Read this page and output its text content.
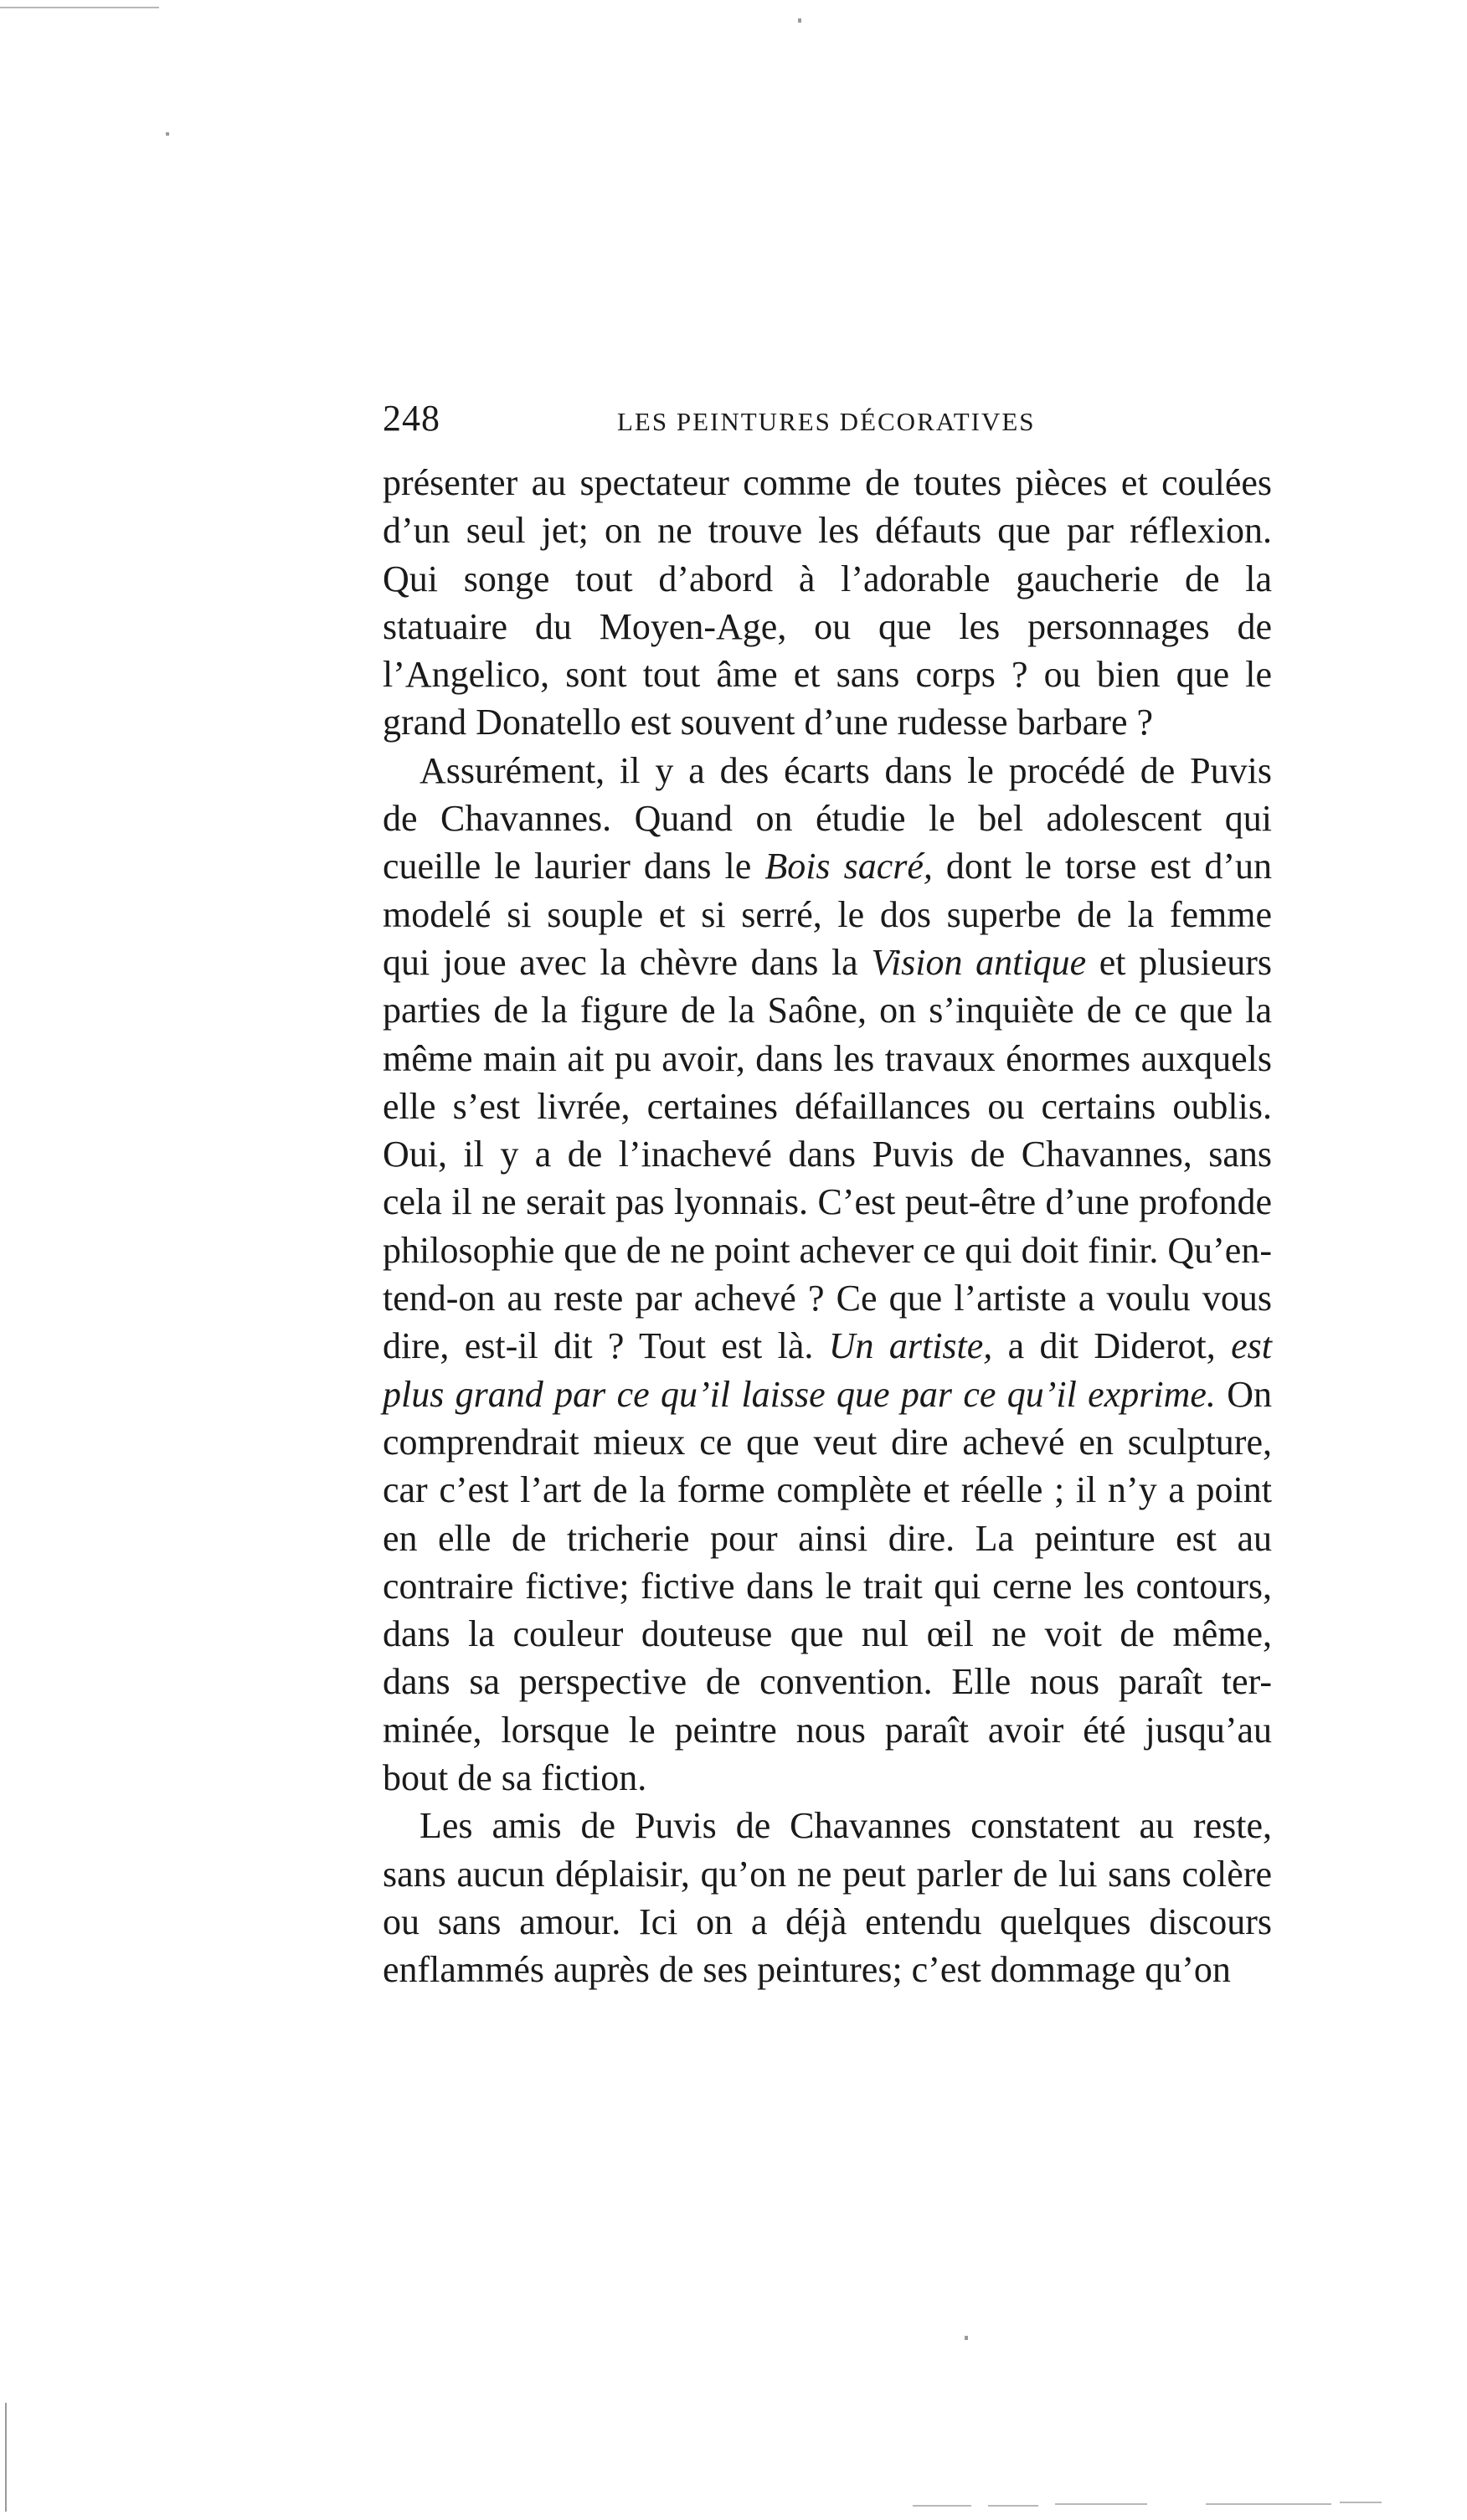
248	LES PEINTURES DÉCORATIVES
présenter au spectateur comme de toutes pièces et coulées
d’un seul jet; on ne trouve les défauts que par réflexion.
Qui songe tout d’abord à l’adorable gaucherie de la
statuaire du Moyen-Age, ou que les personnages de
l’Angelico, sont tout âme et sans corps ? ou bien que le
grand Donatello est souvent d’une rudesse barbare ?
Assurément, il y a des écarts dans le procédé de Puvis
de Chavannes. Quand on étudie le bel adolescent qui
cueille le laurier dans le Bois sacré, dont le torse est d’un
modelé si souple et si serré, le dos superbe de la femme
qui joue avec la chèvre dans la Vision antique et plusieurs
parties de la figure de la Saône, on s’inquiète de ce que la
même main ait pu avoir, dans les travaux énormes auxquels
elle s’est livrée, certaines défaillances ou certains oublis.
Oui, il y a de l’inachevé dans Puvis de Chavannes, sans
cela il ne serait pas lyonnais. C’est peut-être d’une profonde
philosophie que de ne point achever ce qui doit finir. Qu’en-
tend-on au reste par achevé ? Ce que l’artiste a voulu vous
dire, est-il dit ? Tout est là. Un artiste, a dit Diderot, est
plus grand par ce qu’il laisse que par ce qu’il exprime. On
comprendrait mieux ce que veut dire achevé en sculpture,
car c’est l’art de la forme complète et réelle ; il n’y a point
en elle de tricherie pour ainsi dire. La peinture est au
contraire fictive; fictive dans le trait qui cerne les contours,
dans la couleur douteuse que nul œil ne voit de même,
dans sa perspective de convention. Elle nous paraît ter-
minée, lorsque le peintre nous paraît avoir été jusqu’au
bout de sa fiction.
Les amis de Puvis de Chavannes constatent au reste,
sans aucun déplaisir, qu’on ne peut parler de lui sans colère
ou sans amour. Ici on a déjà entendu quelques discours
enflammés auprès de ses peintures; c’est dommage qu’on
